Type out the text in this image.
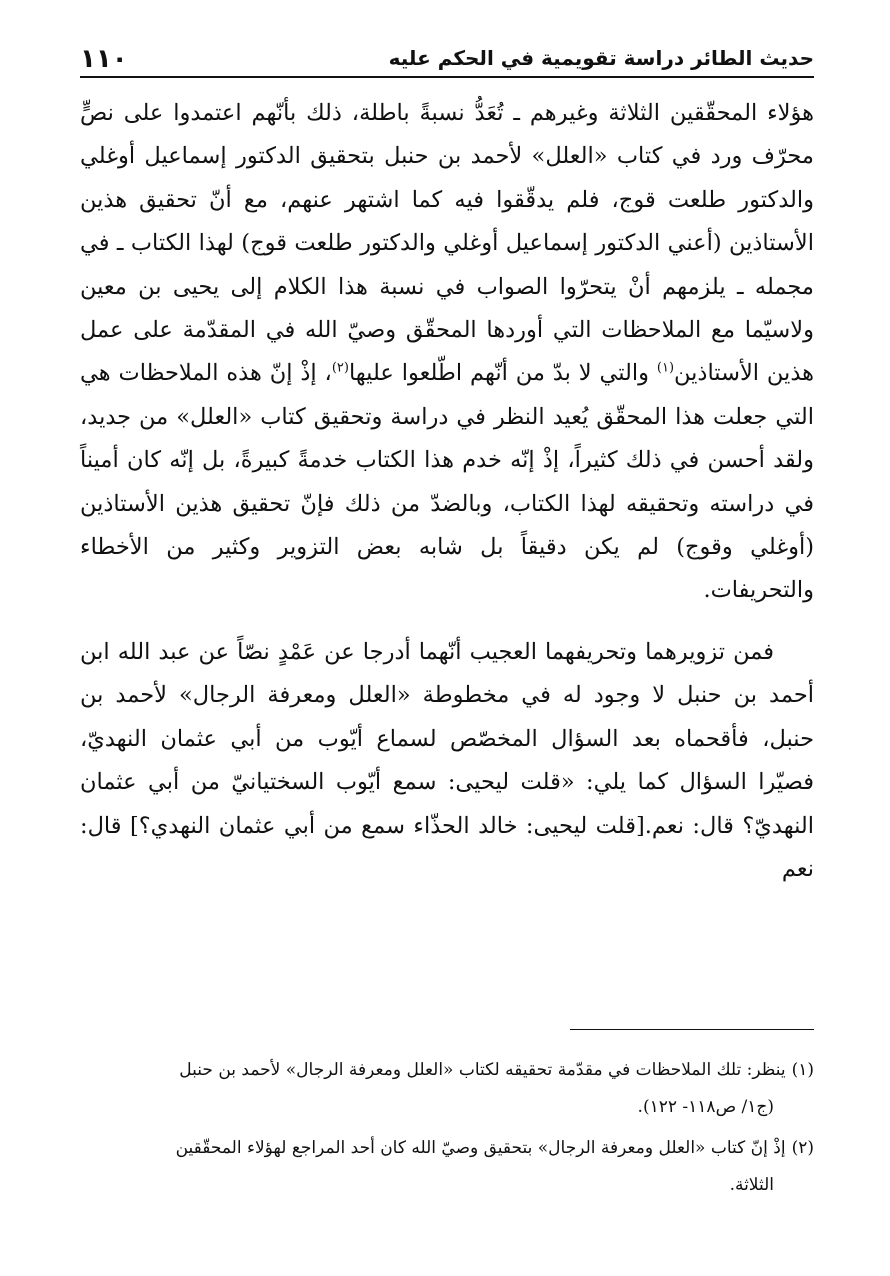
حديث الطائر دراسة تقويمية في الحكم عليه
١١٠

هؤلاء المحقّقين الثلاثة وغيرهم ـ تُعَدُّ نسبةً باطلة، ذلك بأنّهم اعتمدوا على نصٍّ محرّف ورد في كتاب «العلل» لأحمد بن حنبل بتحقيق الدكتور إسماعيل أوغلي والدكتور طلعت قوج، فلم يدقّقوا فيه كما اشتهر عنهم، مع أنّ تحقيق هذين الأستاذين (أعني الدكتور إسماعيل أوغلي والدكتور طلعت قوج) لهذا الكتاب ـ في مجمله ـ يلزمهم أنْ يتحرّوا الصواب في نسبة هذا الكلام إلى يحيى بن معين ولاسيّما مع الملاحظات التي أوردها المحقّق وصيّ الله في المقدّمة على عمل هذين الأستاذين$^{(١)}$ والتي لا بدّ من أنّهم اطّلعوا عليها$^{(٢)}$، إذْ إنّ هذه الملاحظات هي التي جعلت هذا المحقّق يُعيد النظر في دراسة وتحقيق كتاب «العلل» من جديد، ولقد أحسن في ذلك كثيراً، إذْ إنّه خدم هذا الكتاب خدمةً كبيرةً، بل إنّه كان أميناً في دراسته وتحقيقه لهذا الكتاب، وبالضدّ من ذلك فإنّ تحقيق هذين الأستاذين (أوغلي وقوج) لم يكن دقيقاً بل شابه بعض التزوير وكثير من الأخطاء والتحريفات.

فمن تزويرهما وتحريفهما العجيب أنّهما أدرجا عن عَمْدٍ نصّاً عن عبد الله ابن أحمد بن حنبل لا وجود له في مخطوطة «العلل ومعرفة الرجال» لأحمد بن حنبل، فأقحماه بعد السؤال المخصّص لسماع أيّوب من أبي عثمان النهديّ، فصيّرا السؤال كما يلي: «قلت ليحيى: سمع أيّوب السختيانيّ من أبي عثمان النهديّ؟ قال: نعم.[قلت ليحيى: خالد الحذّاء سمع من أبي عثمان النهدي؟] قال: نعم

(١)ينظر: تلك الملاحظات في مقدّمة تحقيقه لكتاب «العلل ومعرفة الرجال» لأحمد بن حنبل
(ج١/ ص١١٨- ١٢٢).
(٢)إذْ إنّ كتاب «العلل ومعرفة الرجال» بتحقيق وصيّ الله كان أحد المراجع لهؤلاء المحقّقين
الثلاثة.
